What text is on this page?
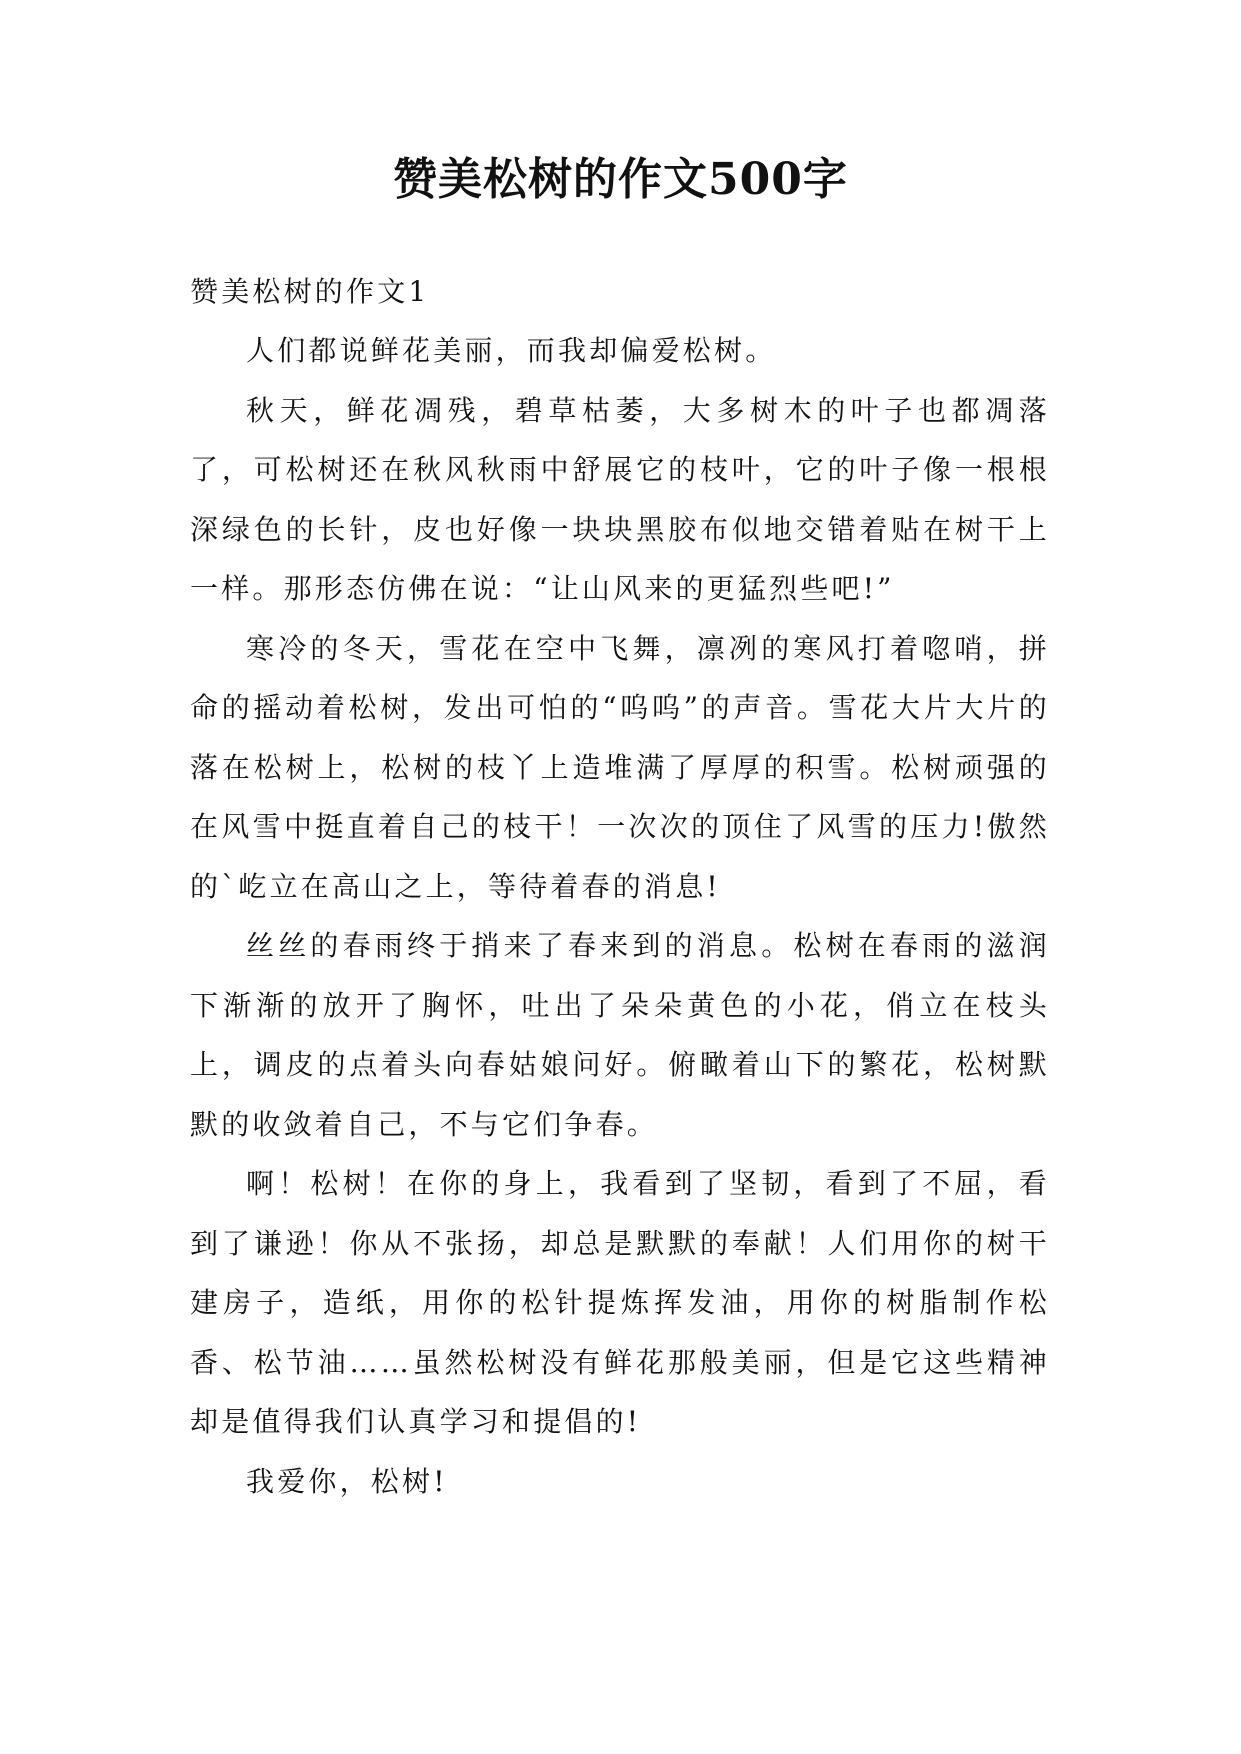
赞美松树的作文500字

赞美松树的作文1

人们都说鲜花美丽，而我却偏爱松树。

秋天，鲜花凋残，碧草枯萎，大多树木的叶子也都凋落了，可松树还在秋风秋雨中舒展它的枝叶，它的叶子像一根根深绿色的长针，皮也好像一块块黑胶布似地交错着贴在树干上一样。那形态仿佛在说：“让山风来的更猛烈些吧!”

寒冷的冬天，雪花在空中飞舞，凛冽的寒风打着唿哨，拼命的摇动着松树，发出可怕的“呜呜”的声音。雪花大片大片的落在松树上，松树的枝丫上造堆满了厚厚的积雪。松树顽强的在风雪中挺直着自己的枝干！一次次的顶住了风雪的压力!傲然的`屹立在高山之上，等待着春的消息!

丝丝的春雨终于捎来了春来到的消息。松树在春雨的滋润下渐渐的放开了胸怀，吐出了朵朵黄色的小花，俏立在枝头上，调皮的点着头向春姑娘问好。俯瞰着山下的繁花，松树默默的收敛着自己，不与它们争春。

啊！松树！在你的身上，我看到了坚韧，看到了不屈，看到了谦逊！你从不张扬，却总是默默的奉献！人们用你的树干建房子，造纸，用你的松针提炼挥发油，用你的树脂制作松香、松节油……虽然松树没有鲜花那般美丽，但是它这些精神却是值得我们认真学习和提倡的!

我爱你，松树!
